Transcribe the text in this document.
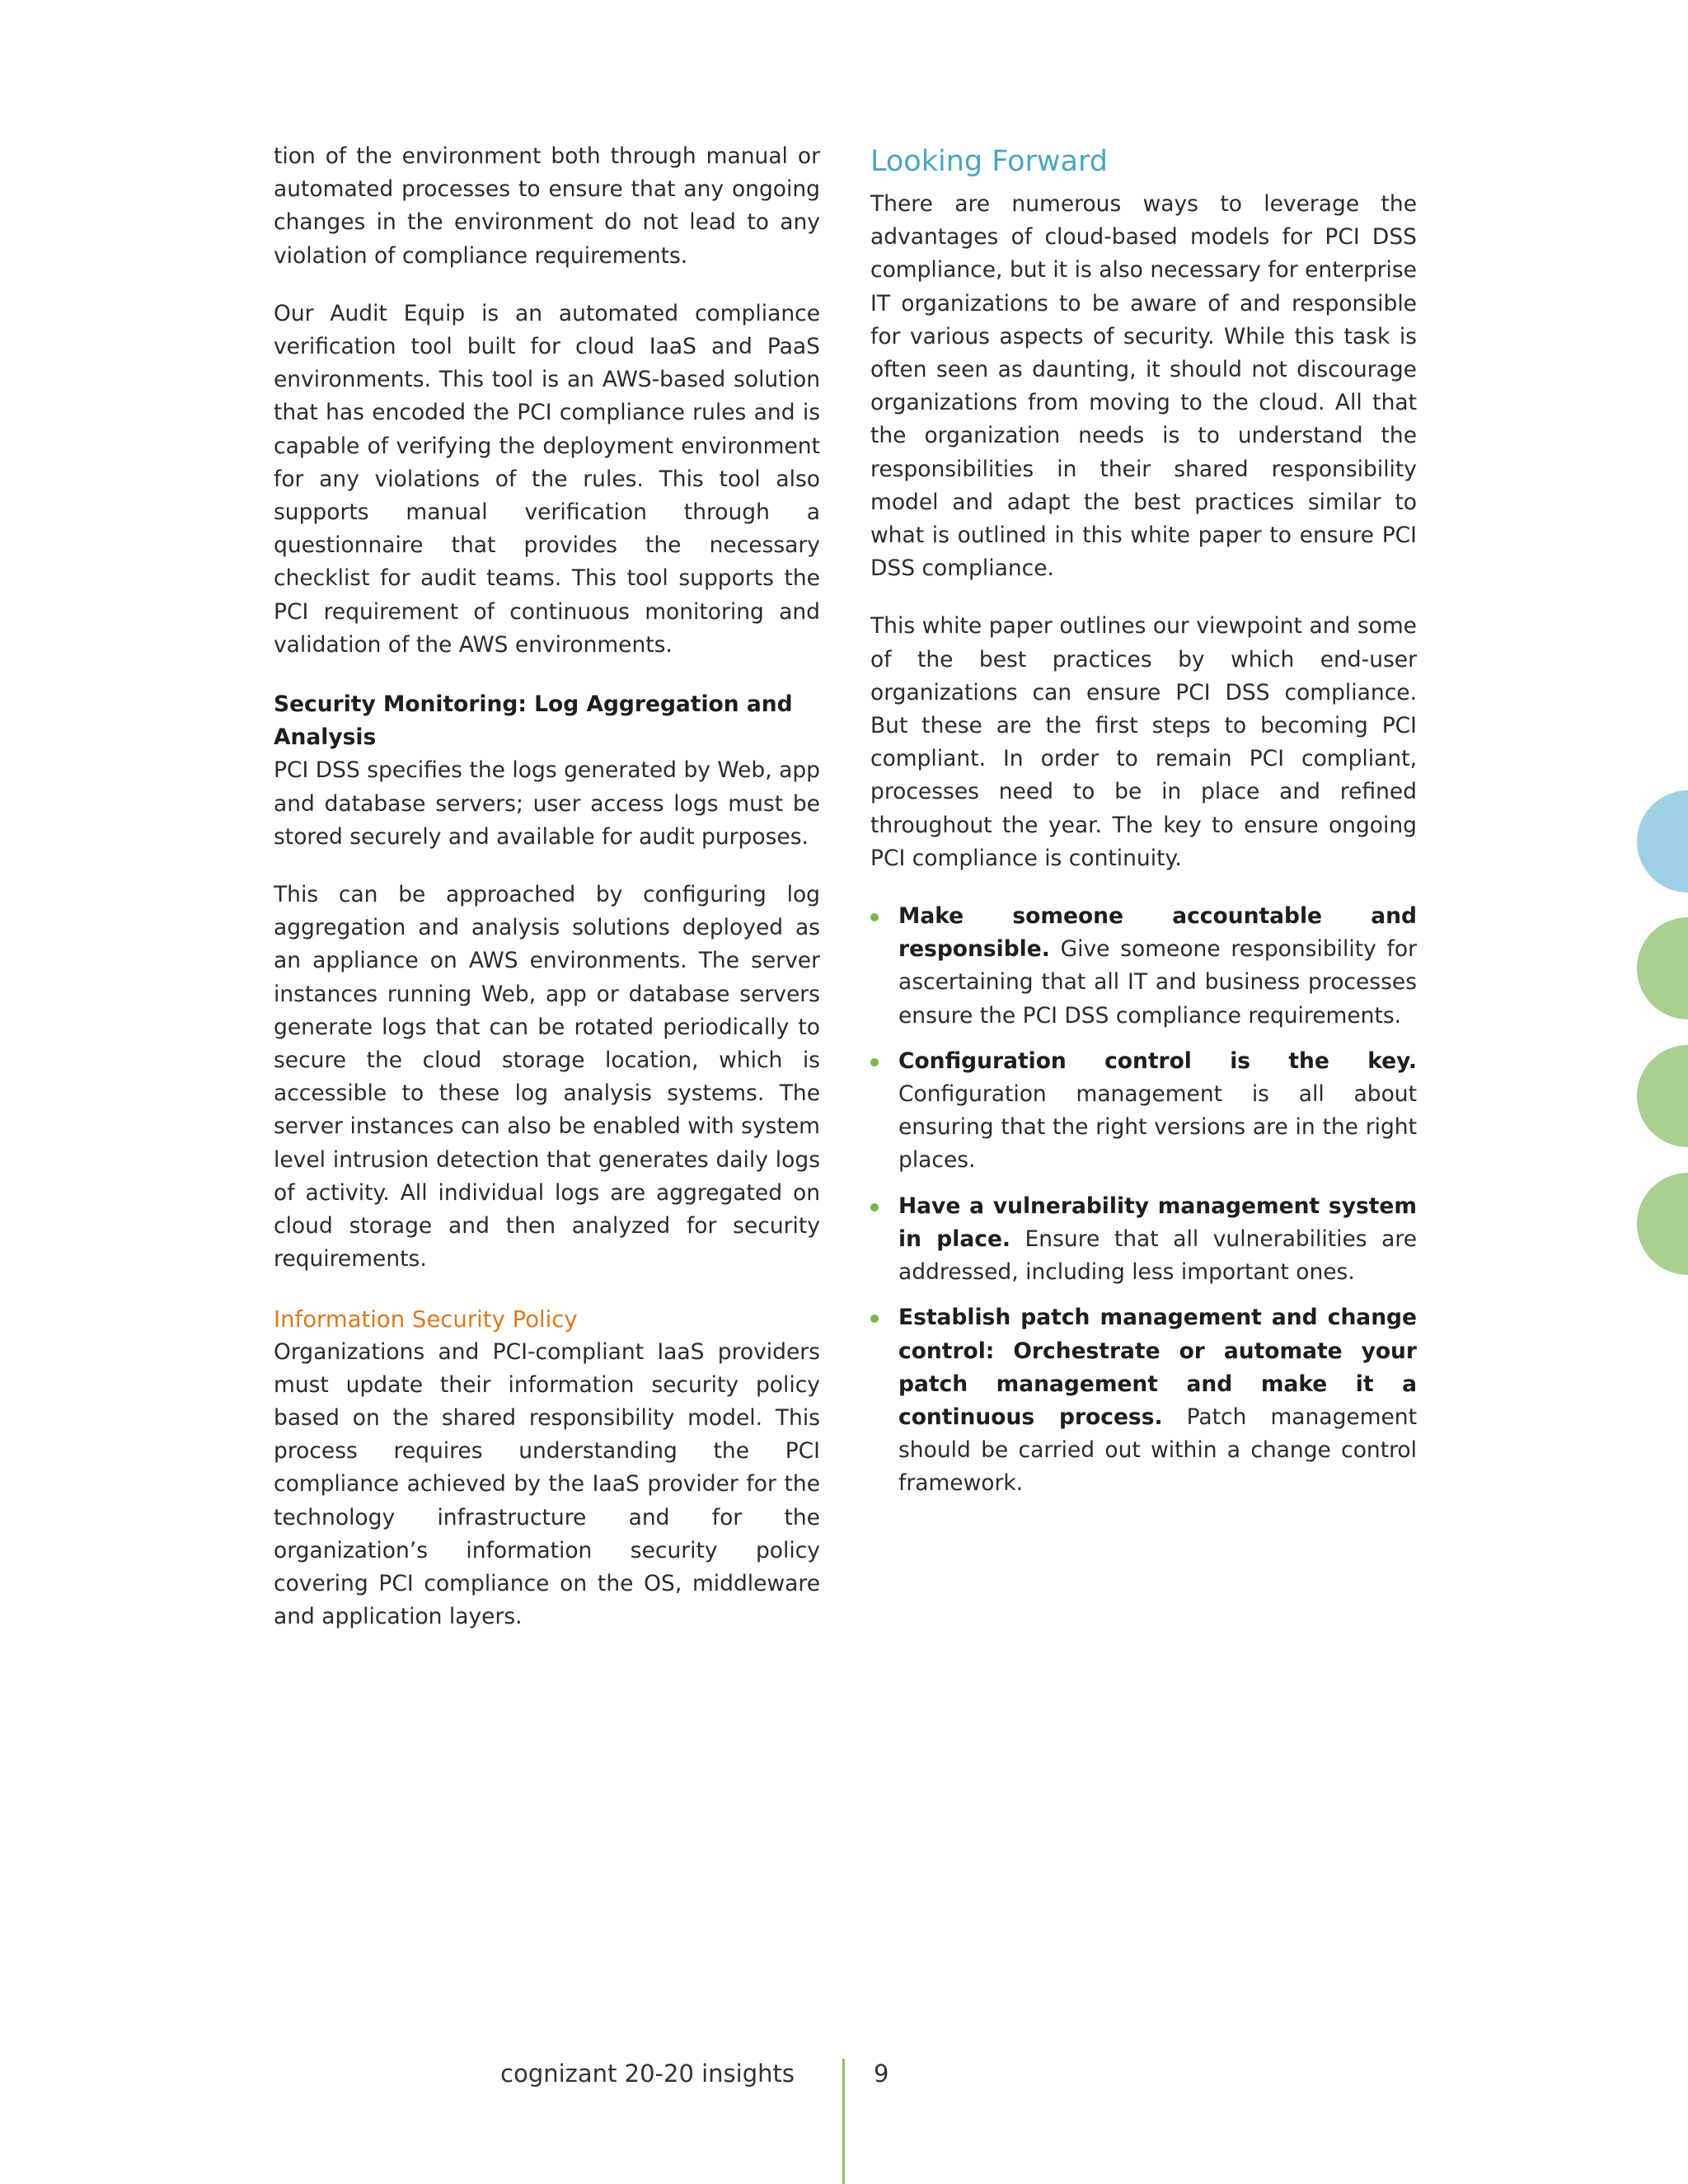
tion of the environment both through manual or automated processes to ensure that any ongoing changes in the environment do not lead to any violation of compliance requirements.

Our Audit Equip is an automated compliance verification tool built for cloud IaaS and PaaS environments. This tool is an AWS-based solution that has encoded the PCI compliance rules and is capable of verifying the deployment environment for any violations of the rules. This tool also supports manual verification through a questionnaire that provides the necessary checklist for audit teams. This tool supports the PCI requirement of continuous monitoring and validation of the AWS environments.

Security Monitoring: Log Aggregation and Analysis

PCI DSS specifies the logs generated by Web, app and database servers; user access logs must be stored securely and available for audit purposes.

This can be approached by configuring log aggregation and analysis solutions deployed as an appliance on AWS environments. The server instances running Web, app or database servers generate logs that can be rotated periodically to secure the cloud storage location, which is accessible to these log analysis systems. The server instances can also be enabled with system level intrusion detection that generates daily logs of activity. All individual logs are aggregated on cloud storage and then analyzed for security requirements.

Information Security Policy

Organizations and PCI-compliant IaaS providers must update their information security policy based on the shared responsibility model. This process requires understanding the PCI compliance achieved by the IaaS provider for the technology infrastructure and for the organization’s information security policy covering PCI compliance on the OS, middleware and application layers.

Looking Forward

There are numerous ways to leverage the advantages of cloud-based models for PCI DSS compliance, but it is also necessary for enterprise IT organizations to be aware of and responsible for various aspects of security. While this task is often seen as daunting, it should not discourage organizations from moving to the cloud. All that the organization needs is to understand the responsibilities in their shared responsibility model and adapt the best practices similar to what is outlined in this white paper to ensure PCI DSS compliance.

This white paper outlines our viewpoint and some of the best practices by which end-user organizations can ensure PCI DSS compliance. But these are the first steps to becoming PCI compliant. In order to remain PCI compliant, processes need to be in place and refined throughout the year. The key to ensure ongoing PCI compliance is continuity.

Make someone accountable and responsible. Give someone responsibility for ascertaining that all IT and business processes ensure the PCI DSS compliance requirements.
Configuration control is the key. Configuration management is all about ensuring that the right versions are in the right places.
Have a vulnerability management system in place. Ensure that all vulnerabilities are addressed, including less important ones.
Establish patch management and change control: Orchestrate or automate your patch management and make it a continuous process. Patch management should be carried out within a change control framework.
cognizant 20-20 insights	9
